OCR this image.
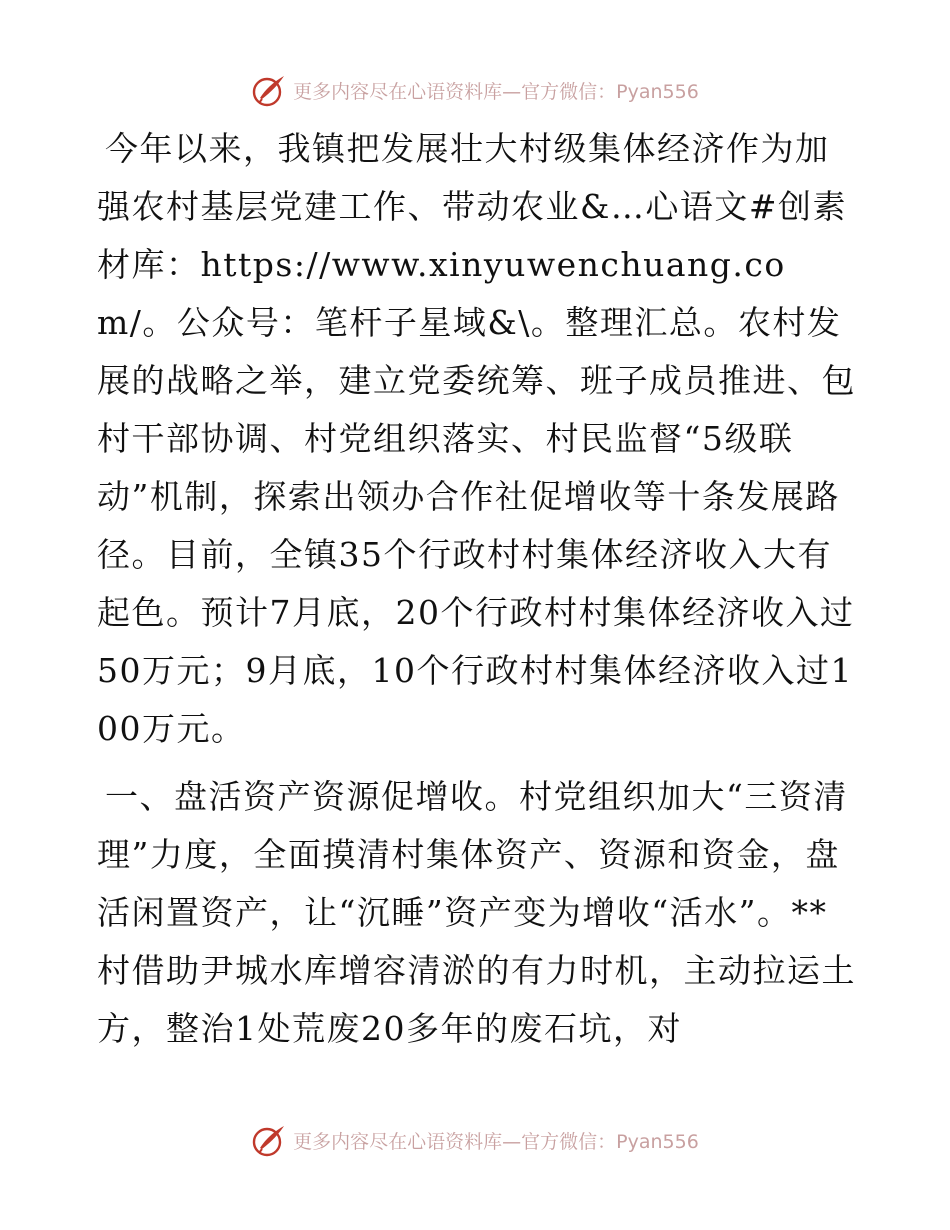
更多内容尽在心语资料库—官方微信：Pyan556

今年以来，我镇把发展壮大村级集体经济作为加强农村基层党建工作、带动农业&…心语文#创素材库：https://www.xinyuwenchuang.com/。公众号：笔杆子星域&\。整理汇总。农村发展的战略之举，建立党委统筹、班子成员推进、包村干部协调、村党组织落实、村民监督“5级联动”机制，探索出领办合作社促增收等十条发展路径。目前，全镇35个行政村村集体经济收入大有起色。预计7月底，20个行政村村集体经济收入过50万元；9月底，10个行政村村集体经济收入过100万元。

一、盘活资产资源促增收。村党组织加大“三资清理”力度，全面摸清村集体资产、资源和资金，盘活闲置资产，让“沉睡”资产变为增收“活水”。**村借助尹城水库增容清淤的有力时机，主动拉运土方，整治1处荒废20多年的废石坑，对

更多内容尽在心语资料库—官方微信：Pyan556
